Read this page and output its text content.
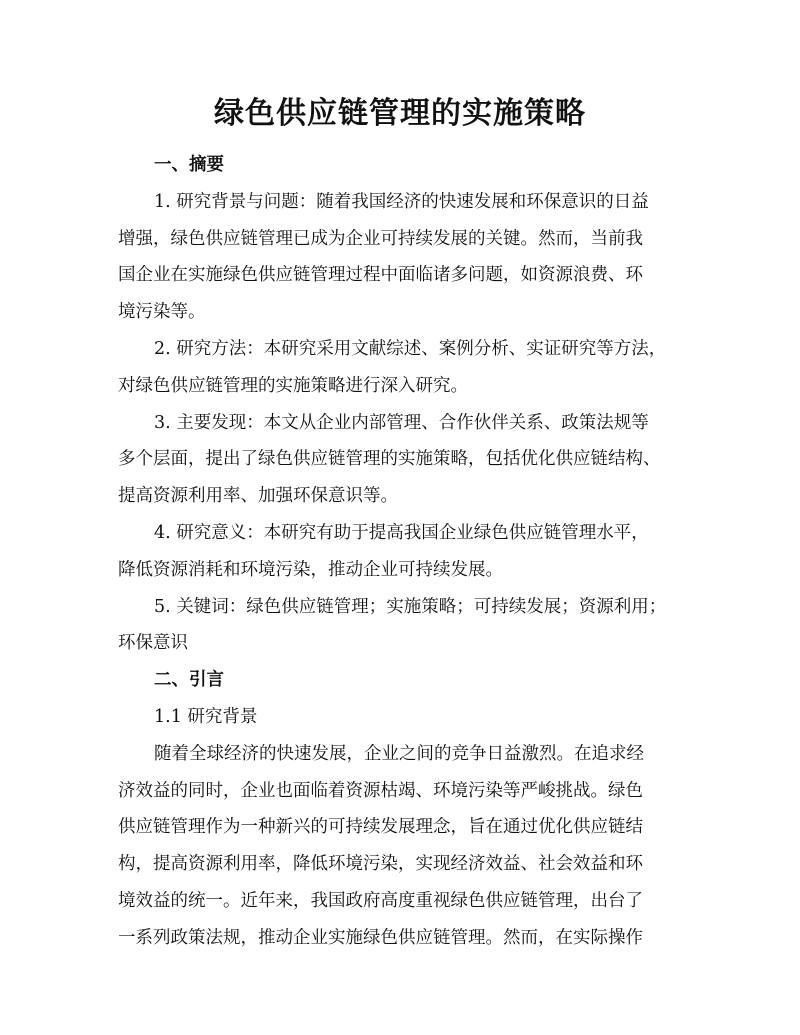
绿色供应链管理的实施策略
一、摘要
1. 研究背景与问题：随着我国经济的快速发展和环保意识的日益
增强，绿色供应链管理已成为企业可持续发展的关键。然而，当前我
国企业在实施绿色供应链管理过程中面临诸多问题，如资源浪费、环
境污染等。
2. 研究方法：本研究采用文献综述、案例分析、实证研究等方法，
对绿色供应链管理的实施策略进行深入研究。
3. 主要发现：本文从企业内部管理、合作伙伴关系、政策法规等
多个层面，提出了绿色供应链管理的实施策略，包括优化供应链结构、
提高资源利用率、加强环保意识等。
4. 研究意义：本研究有助于提高我国企业绿色供应链管理水平，
降低资源消耗和环境污染，推动企业可持续发展。
5. 关键词：绿色供应链管理；实施策略；可持续发展；资源利用；
环保意识
二、引言
1.1 研究背景
随着全球经济的快速发展，企业之间的竞争日益激烈。在追求经
济效益的同时，企业也面临着资源枯竭、环境污染等严峻挑战。绿色
供应链管理作为一种新兴的可持续发展理念，旨在通过优化供应链结
构，提高资源利用率，降低环境污染，实现经济效益、社会效益和环
境效益的统一。近年来，我国政府高度重视绿色供应链管理，出台了
一系列政策法规，推动企业实施绿色供应链管理。然而，在实际操作
